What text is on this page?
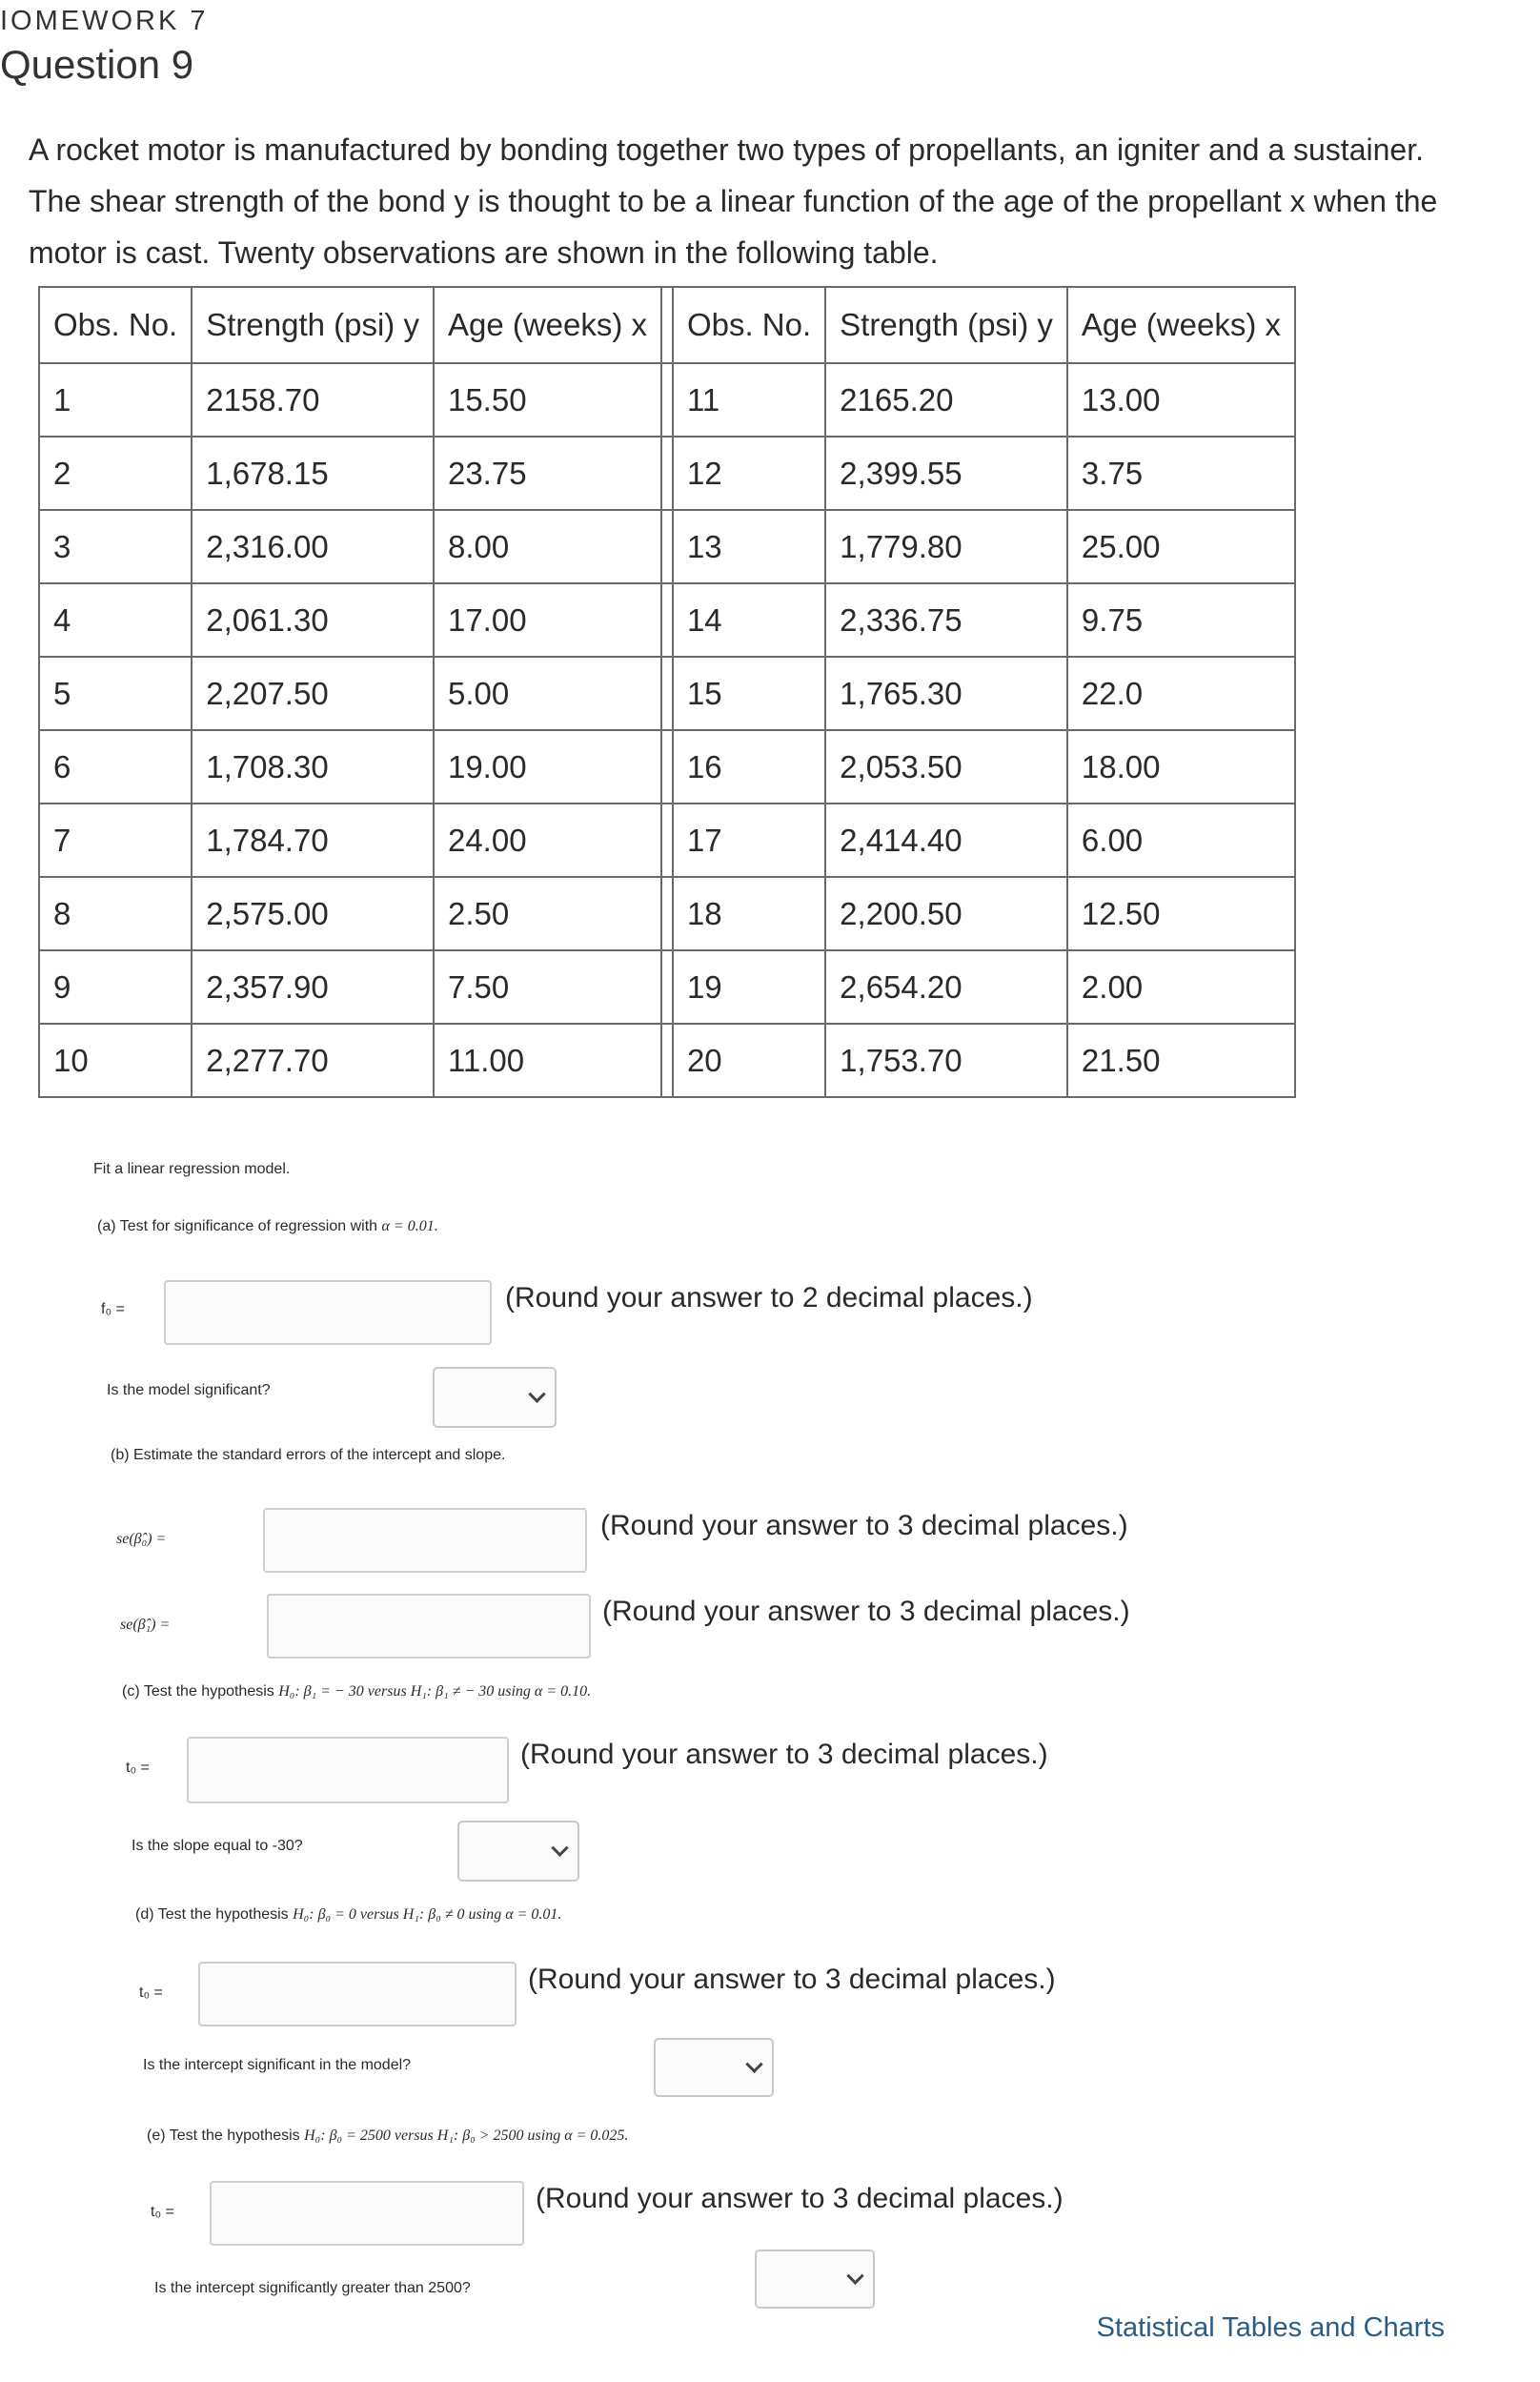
IOMEWORK 7
Question 9
A rocket motor is manufactured by bonding together two types of propellants, an igniter and a sustainer. The shear strength of the bond y is thought to be a linear function of the age of the propellant x when the motor is cast. Twenty observations are shown in the following table.
Obs. No.	Strength (psi) y	Age (weeks) x		Obs. No.	Strength (psi) y	Age (weeks) x
1	2158.70	15.50		11	2165.20	13.00
2	1,678.15	23.75		12	2,399.55	3.75
3	2,316.00	8.00		13	1,779.80	25.00
4	2,061.30	17.00		14	2,336.75	9.75
5	2,207.50	5.00		15	1,765.30	22.0
6	1,708.30	19.00		16	2,053.50	18.00
7	1,784.70	24.00		17	2,414.40	6.00
8	2,575.00	2.50		18	2,200.50	12.50
9	2,357.90	7.50		19	2,654.20	2.00
10	2,277.70	11.00		20	1,753.70	21.50
Fit a linear regression model.
(a) Test for significance of regression with α = 0.01.
f₀ =	(Round your answer to 2 decimal places.)
Is the model significant?
(b) Estimate the standard errors of the intercept and slope.
se(β̂₀) =	(Round your answer to 3 decimal places.)
se(β̂₁) =	(Round your answer to 3 decimal places.)
(c) Test the hypothesis H₀: β₁ = − 30 versus H₁: β₁ ≠ − 30 using α = 0.10.
t₀ =	(Round your answer to 3 decimal places.)
Is the slope equal to -30?
(d) Test the hypothesis H₀: β₀ = 0 versus H₁: β₀ ≠ 0 using α = 0.01.
t₀ =	(Round your answer to 3 decimal places.)
Is the intercept significant in the model?
(e) Test the hypothesis H₀: β₀ = 2500 versus H₁: β₀ > 2500 using α = 0.025.
t₀ =	(Round your answer to 3 decimal places.)
Is the intercept significantly greater than 2500?
Statistical Tables and Charts
